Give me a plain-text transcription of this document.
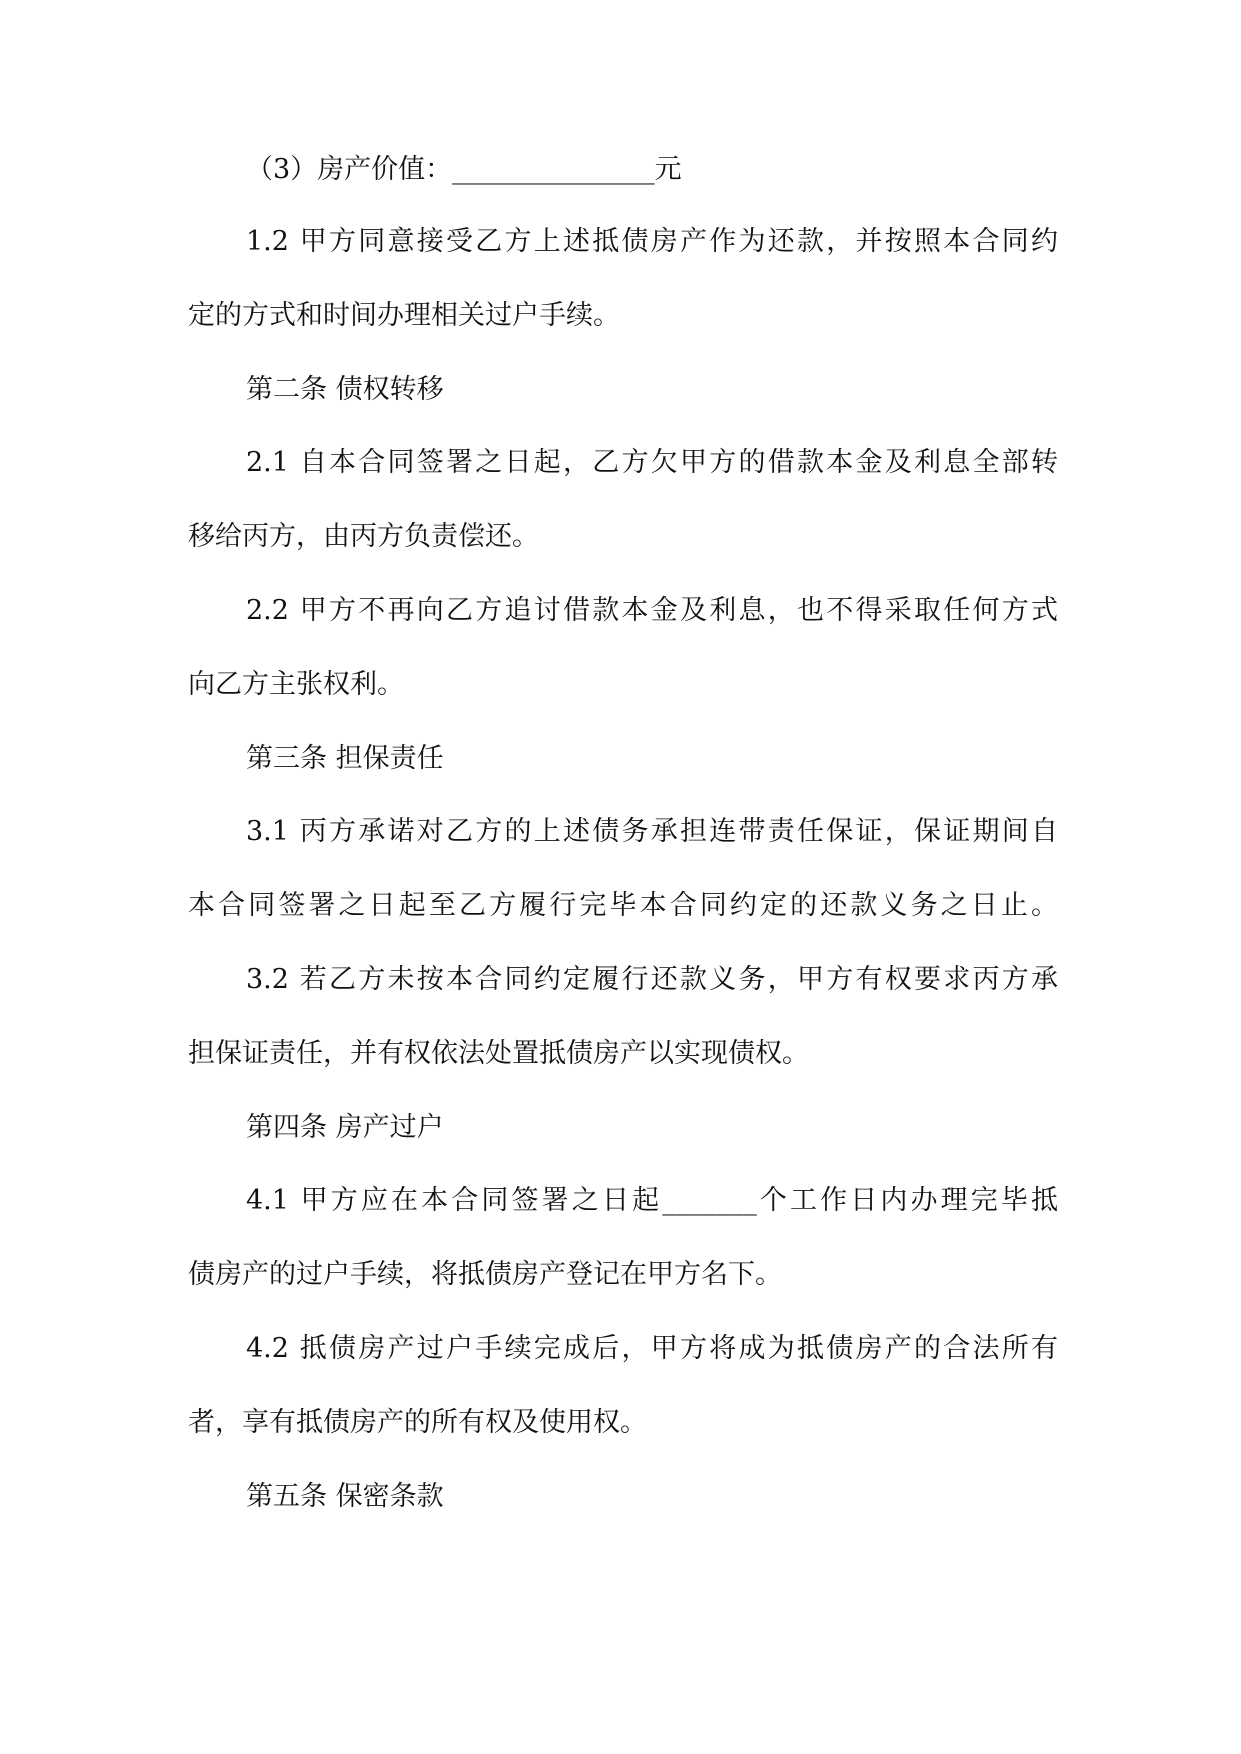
（3）房产价值：_______________元
1.2 甲方同意接受乙方上述抵债房产作为还款，并按照本合同约
定的方式和时间办理相关过户手续。
第二条 债权转移
2.1 自本合同签署之日起，乙方欠甲方的借款本金及利息全部转
移给丙方，由丙方负责偿还。
2.2 甲方不再向乙方追讨借款本金及利息，也不得采取任何方式
向乙方主张权利。
第三条 担保责任
3.1 丙方承诺对乙方的上述债务承担连带责任保证，保证期间自
本合同签署之日起至乙方履行完毕本合同约定的还款义务之日止。
3.2 若乙方未按本合同约定履行还款义务，甲方有权要求丙方承
担保证责任，并有权依法处置抵债房产以实现债权。
第四条 房产过户
4.1 甲方应在本合同签署之日起_______个工作日内办理完毕抵
债房产的过户手续，将抵债房产登记在甲方名下。
4.2 抵债房产过户手续完成后，甲方将成为抵债房产的合法所有
者，享有抵债房产的所有权及使用权。
第五条 保密条款
